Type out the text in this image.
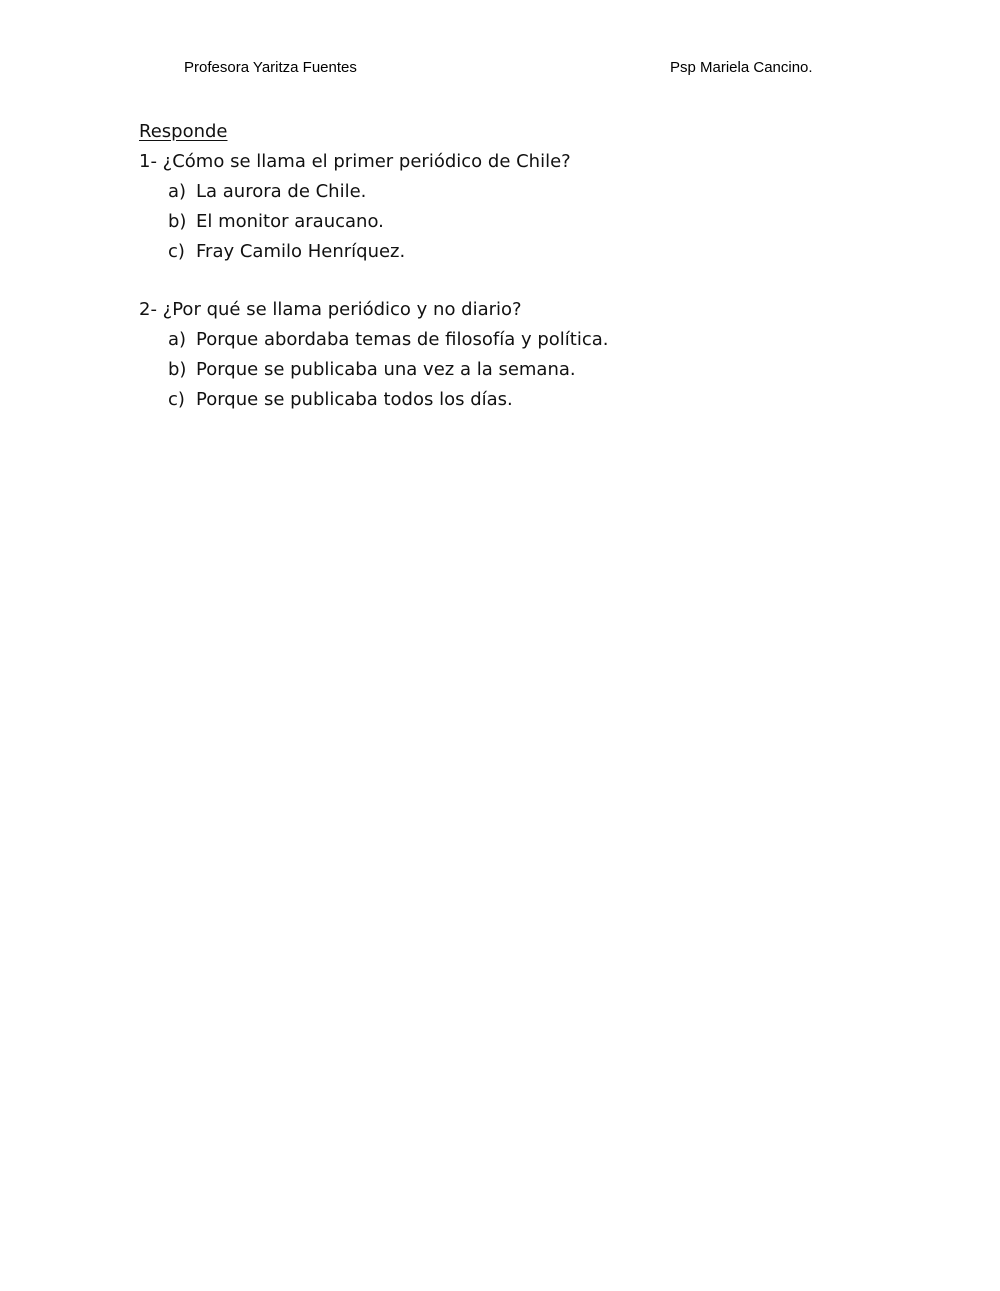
Profesora Yaritza Fuentes	Psp Mariela Cancino.
Responde
1- ¿Cómo se llama el primer periódico de Chile?
a) La aurora de Chile.
b) El monitor araucano.
c) Fray Camilo Henríquez.
2- ¿Por qué se llama periódico y no diario?
a) Porque abordaba temas de filosofía y política.
b) Porque se publicaba una vez a la semana.
c) Porque se publicaba todos los días.
